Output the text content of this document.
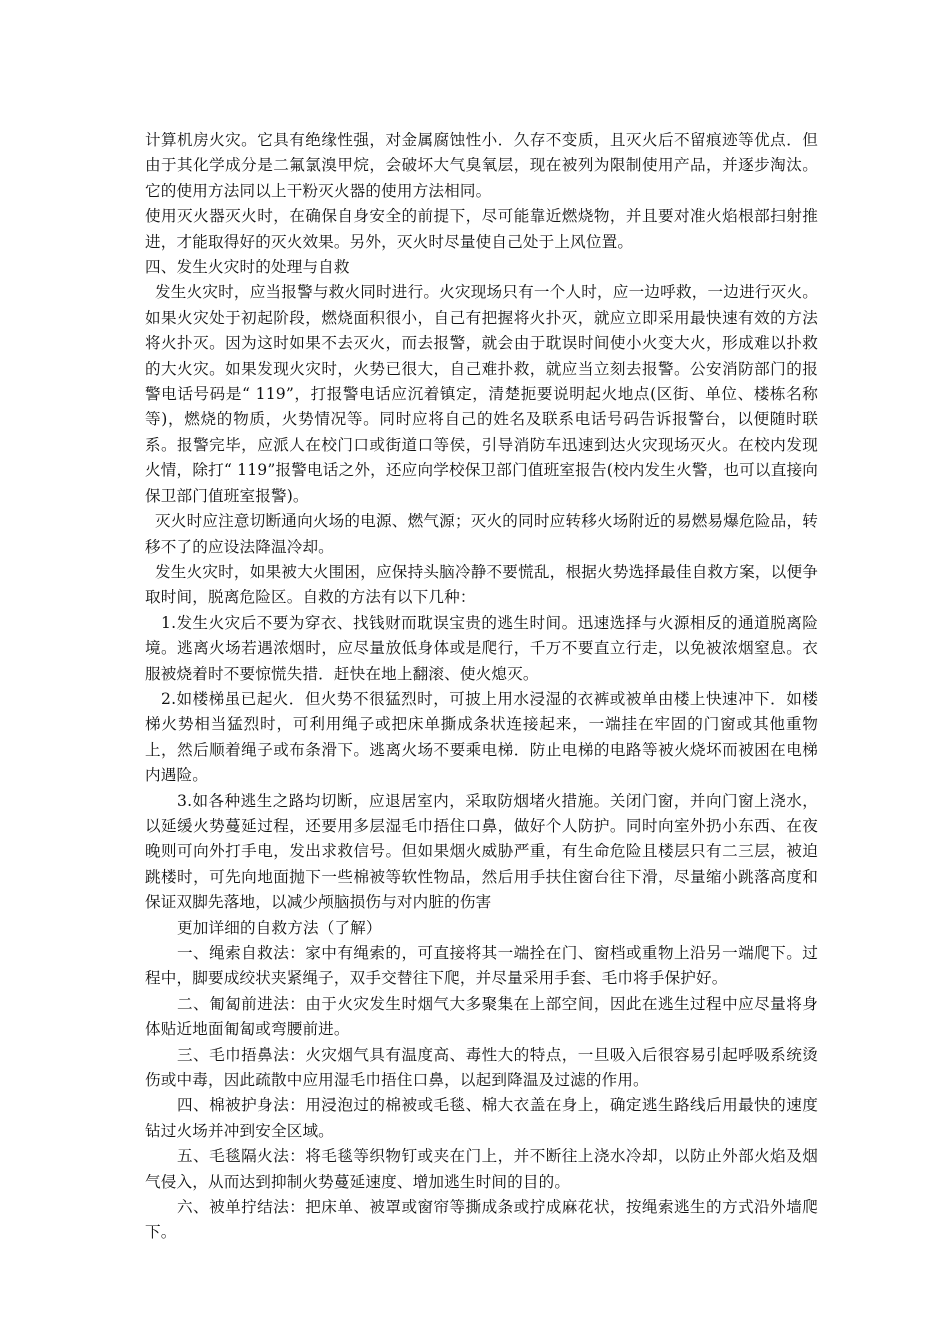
计算机房火灾。它具有绝缘性强，对金属腐蚀性小．久存不变质，且灭火后不留痕迹等优点．但由于其化学成分是二氟氯溴甲烷，会破坏大气臭氧层，现在被列为限制使用产品，并逐步淘汰。它的使用方法同以上干粉灭火器的使用方法相同。

使用灭火器灭火时，在确保自身安全的前提下，尽可能靠近燃烧物，并且要对准火焰根部扫射推进，才能取得好的灭火效果。另外，灭火时尽量使自己处于上风位置。

四、发生火灾时的处理与自救

发生火灾时，应当报警与救火同时进行。火灾现场只有一个人时，应一边呼救，一边进行灭火。如果火灾处于初起阶段，燃烧面积很小，自己有把握将火扑灭，就应立即采用最快速有效的方法将火扑灭。因为这时如果不去灭火，而去报警，就会由于耽误时间使小火变大火，形成难以扑救的大火灾。如果发现火灾时，火势已很大，自己难扑救，就应当立刻去报警。公安消防部门的报警电话号码是“ 119”，打报警电话应沉着镇定，清楚扼要说明起火地点(区街、单位、楼栋名称等)，燃烧的物质，火势情况等。同时应将自己的姓名及联系电话号码告诉报警台，以便随时联系。报警完毕，应派人在校门口或街道口等侯，引导消防车迅速到达火灾现场灭火。在校内发现火情，除打“ 119”报警电话之外，还应向学校保卫部门值班室报告(校内发生火警，也可以直接向保卫部门值班室报警)。

灭火时应注意切断通向火场的电源、燃气源；灭火的同时应转移火场附近的易燃易爆危险品，转移不了的应设法降温冷却。

发生火灾时，如果被大火围困，应保持头脑冷静不要慌乱，根据火势选择最佳自救方案，以便争取时间，脱离危险区。自救的方法有以下几种：

1.发生火灾后不要为穿衣、找钱财而耽误宝贵的逃生时间。迅速选择与火源相反的通道脱离险境。逃离火场若遇浓烟时，应尽量放低身体或是爬行，千万不要直立行走，以免被浓烟窒息。衣服被烧着时不要惊慌失措．赶快在地上翻滚、使火熄灭。

2.如楼梯虽已起火．但火势不很猛烈时，可披上用水浸湿的衣裤或被单由楼上快速冲下．如楼梯火势相当猛烈时，可利用绳子或把床单撕成条状连接起来，一端挂在牢固的门窗或其他重物上，然后顺着绳子或布条滑下。逃离火场不要乘电梯．防止电梯的电路等被火烧坏而被困在电梯内遇险。

3.如各种逃生之路均切断，应退居室内，采取防烟堵火措施。关闭门窗，并向门窗上浇水，以延缓火势蔓延过程，还要用多层湿毛巾捂住口鼻，做好个人防护。同时向室外扔小东西、在夜晚则可向外打手电，发出求救信号。但如果烟火威胁严重，有生命危险且楼层只有二三层，被迫跳楼时，可先向地面抛下一些棉被等软性物品，然后用手扶住窗台往下滑，尽量缩小跳落高度和保证双脚先落地，以减少颅脑损伤与对内脏的伤害

更加详细的自救方法（了解）

一、绳索自救法：家中有绳索的，可直接将其一端拴在门、窗档或重物上沿另一端爬下。过程中，脚要成绞状夹紧绳子，双手交替往下爬，并尽量采用手套、毛巾将手保护好。

二、匍匐前进法：由于火灾发生时烟气大多聚集在上部空间，因此在逃生过程中应尽量将身体贴近地面匍匐或弯腰前进。

三、毛巾捂鼻法：火灾烟气具有温度高、毒性大的特点，一旦吸入后很容易引起呼吸系统烫伤或中毒，因此疏散中应用湿毛巾捂住口鼻，以起到降温及过滤的作用。

四、棉被护身法：用浸泡过的棉被或毛毯、棉大衣盖在身上，确定逃生路线后用最快的速度钻过火场并冲到安全区域。

五、毛毯隔火法：将毛毯等织物钉或夹在门上，并不断往上浇水冷却，以防止外部火焰及烟气侵入，从而达到抑制火势蔓延速度、增加逃生时间的目的。

六、被单拧结法：把床单、被罩或窗帘等撕成条或拧成麻花状，按绳索逃生的方式沿外墙爬下。
